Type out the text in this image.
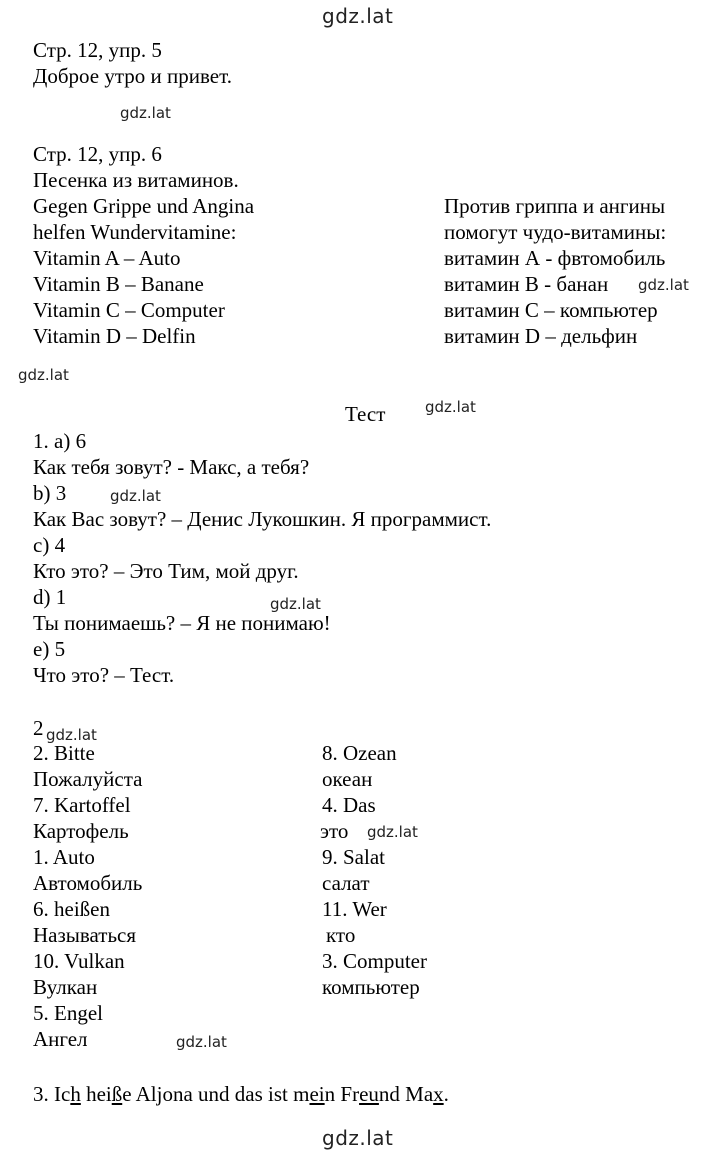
gdz.lat
gdz.lat
gdz.lat
gdz.lat
gdz.lat
gdz.lat
gdz.lat
gdz.lat
gdz.lat
gdz.lat
gdz.lat
Стр. 12, упр. 5
Доброе утро и привет.
Стр. 12, упр. 6
Песенка из витаминов.
Gegen Grippe und Angina
helfen Wundervitamine:
Vitamin A – Auto
Vitamin B – Banane
Vitamin C – Computer
Vitamin D – Delfin
Против гриппа и ангины
помогут чудо-витамины:
витамин А - фвтомобиль
витамин В - банан
витамин С – компьютер
витамин D – дельфин
Тест
1. a) 6
Как тебя зовут? - Макс, а тебя?
b) 3
Как Вас зовут? – Денис Лукошкин. Я программист.
c) 4
Кто это? – Это Тим, мой друг.
d) 1
Ты понимаешь? – Я не понимаю!
e) 5
Что это? – Тест.
2
2. Bitte
Пожалуйста
7. Kartoffel
Картофель
1. Auto
Автомобиль
6. heißen
Называться
10. Vulkan
Вулкан
5. Engel
Ангел
8. Ozean
океан
4. Das
это
9. Salat
салат
11. Wer
кто
3. Computer
компьютер
3. Ich heiße Aljona und das ist mein Freund Max.
